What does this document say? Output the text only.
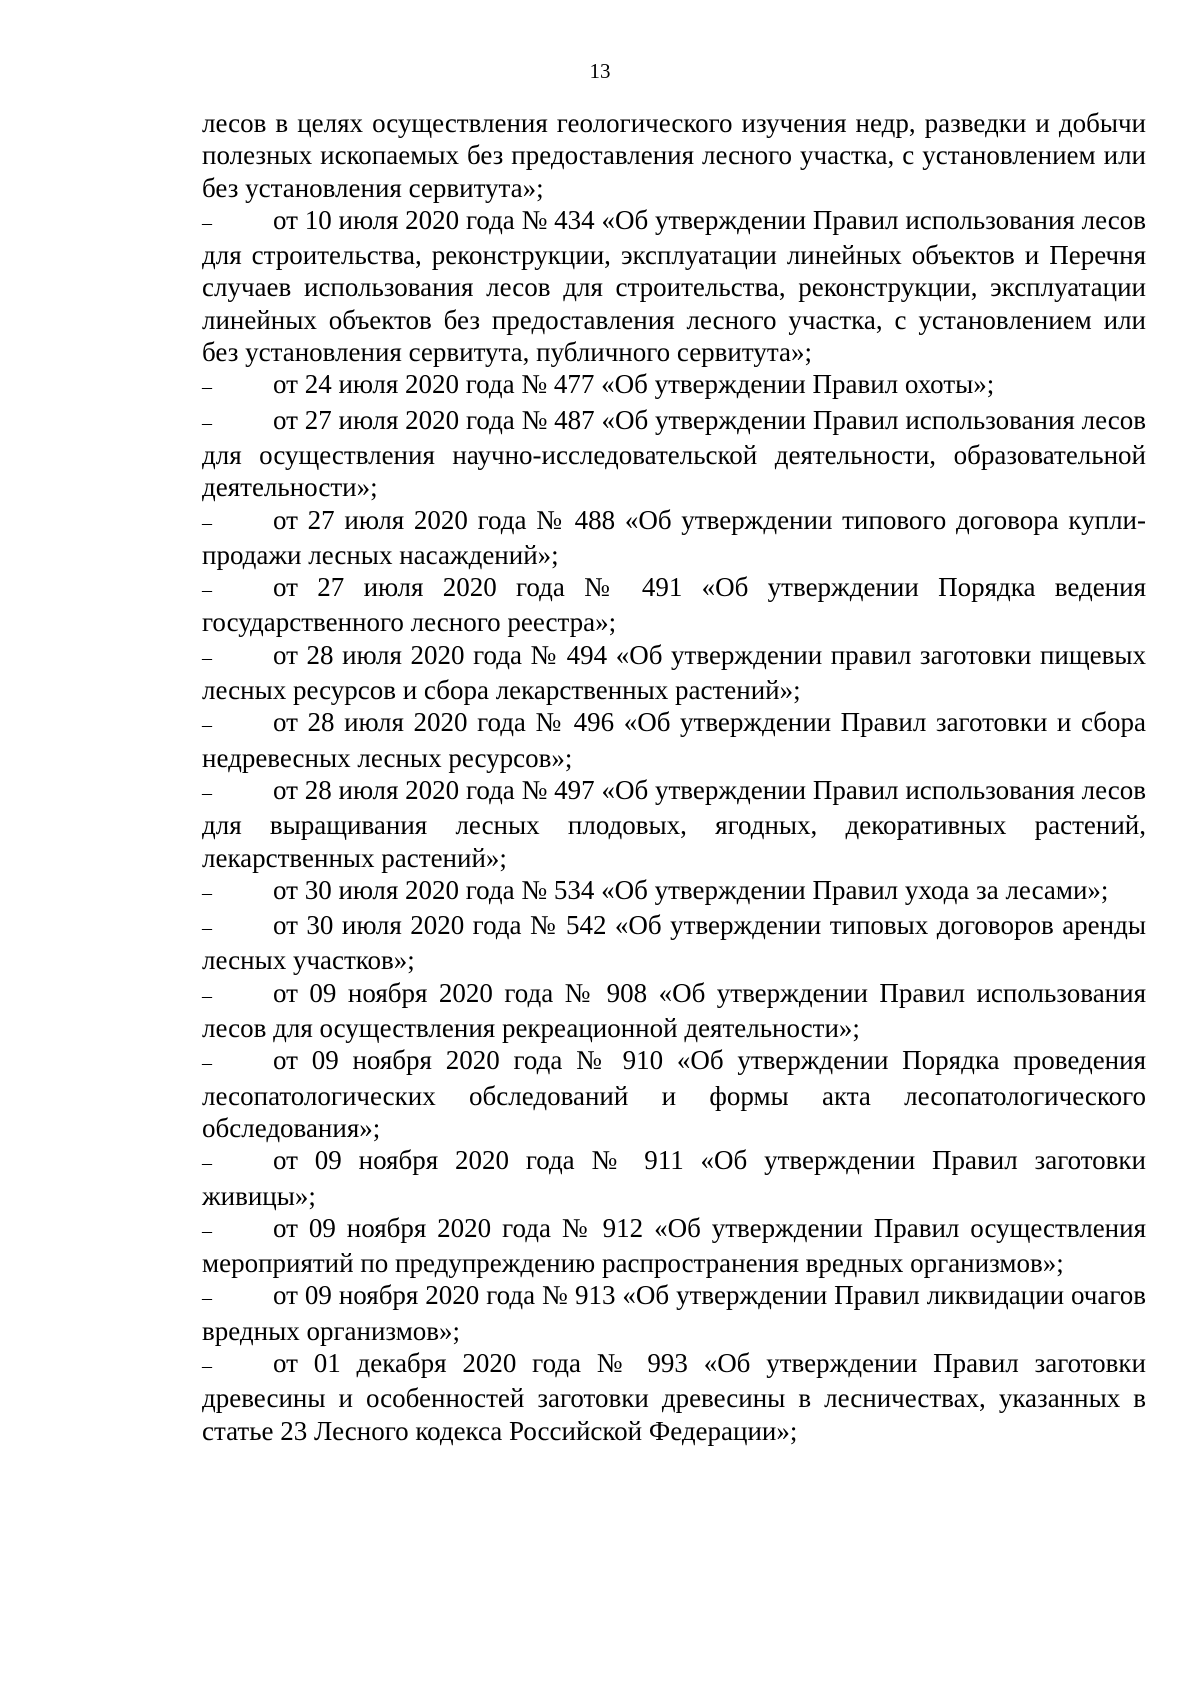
13

лесов в целях осуществления геологического изучения недр, разведки и добычи полезных ископаемых без предоставления лесного участка, с установлением или без установления сервитута»;

– от 10 июля 2020 года № 434 «Об утверждении Правил использования лесов для строительства, реконструкции, эксплуатации линейных объектов и Перечня случаев использования лесов для строительства, реконструкции, эксплуатации линейных объектов без предоставления лесного участка, с установлением или без установления сервитута, публичного сервитута»;

– от 24 июля 2020 года № 477 «Об утверждении Правил охоты»;

– от 27 июля 2020 года № 487 «Об утверждении Правил использования лесов для осуществления научно-исследовательской деятельности, образовательной деятельности»;

– от 27 июля 2020 года № 488 «Об утверждении типового договора купли-продажи лесных насаждений»;

– от 27 июля 2020 года № 491 «Об утверждении Порядка ведения государственного лесного реестра»;

– от 28 июля 2020 года № 494 «Об утверждении правил заготовки пищевых лесных ресурсов и сбора лекарственных растений»;

– от 28 июля 2020 года № 496 «Об утверждении Правил заготовки и сбора недревесных лесных ресурсов»;

– от 28 июля 2020 года № 497 «Об утверждении Правил использования лесов для выращивания лесных плодовых, ягодных, декоративных растений, лекарственных растений»;

– от 30 июля 2020 года № 534 «Об утверждении Правил ухода за лесами»;

– от 30 июля 2020 года № 542 «Об утверждении типовых договоров аренды лесных участков»;

– от 09 ноября 2020 года № 908 «Об утверждении Правил использования лесов для осуществления рекреационной деятельности»;

– от 09 ноября 2020 года № 910 «Об утверждении Порядка проведения лесопатологических обследований и формы акта лесопатологического обследования»;

– от 09 ноября 2020 года № 911 «Об утверждении Правил заготовки живицы»;

– от 09 ноября 2020 года № 912 «Об утверждении Правил осуществления мероприятий по предупреждению распространения вредных организмов»;

– от 09 ноября 2020 года № 913 «Об утверждении Правил ликвидации очагов вредных организмов»;

– от 01 декабря 2020 года № 993 «Об утверждении Правил заготовки древесины и особенностей заготовки древесины в лесничествах, указанных в статье 23 Лесного кодекса Российской Федерации»;
